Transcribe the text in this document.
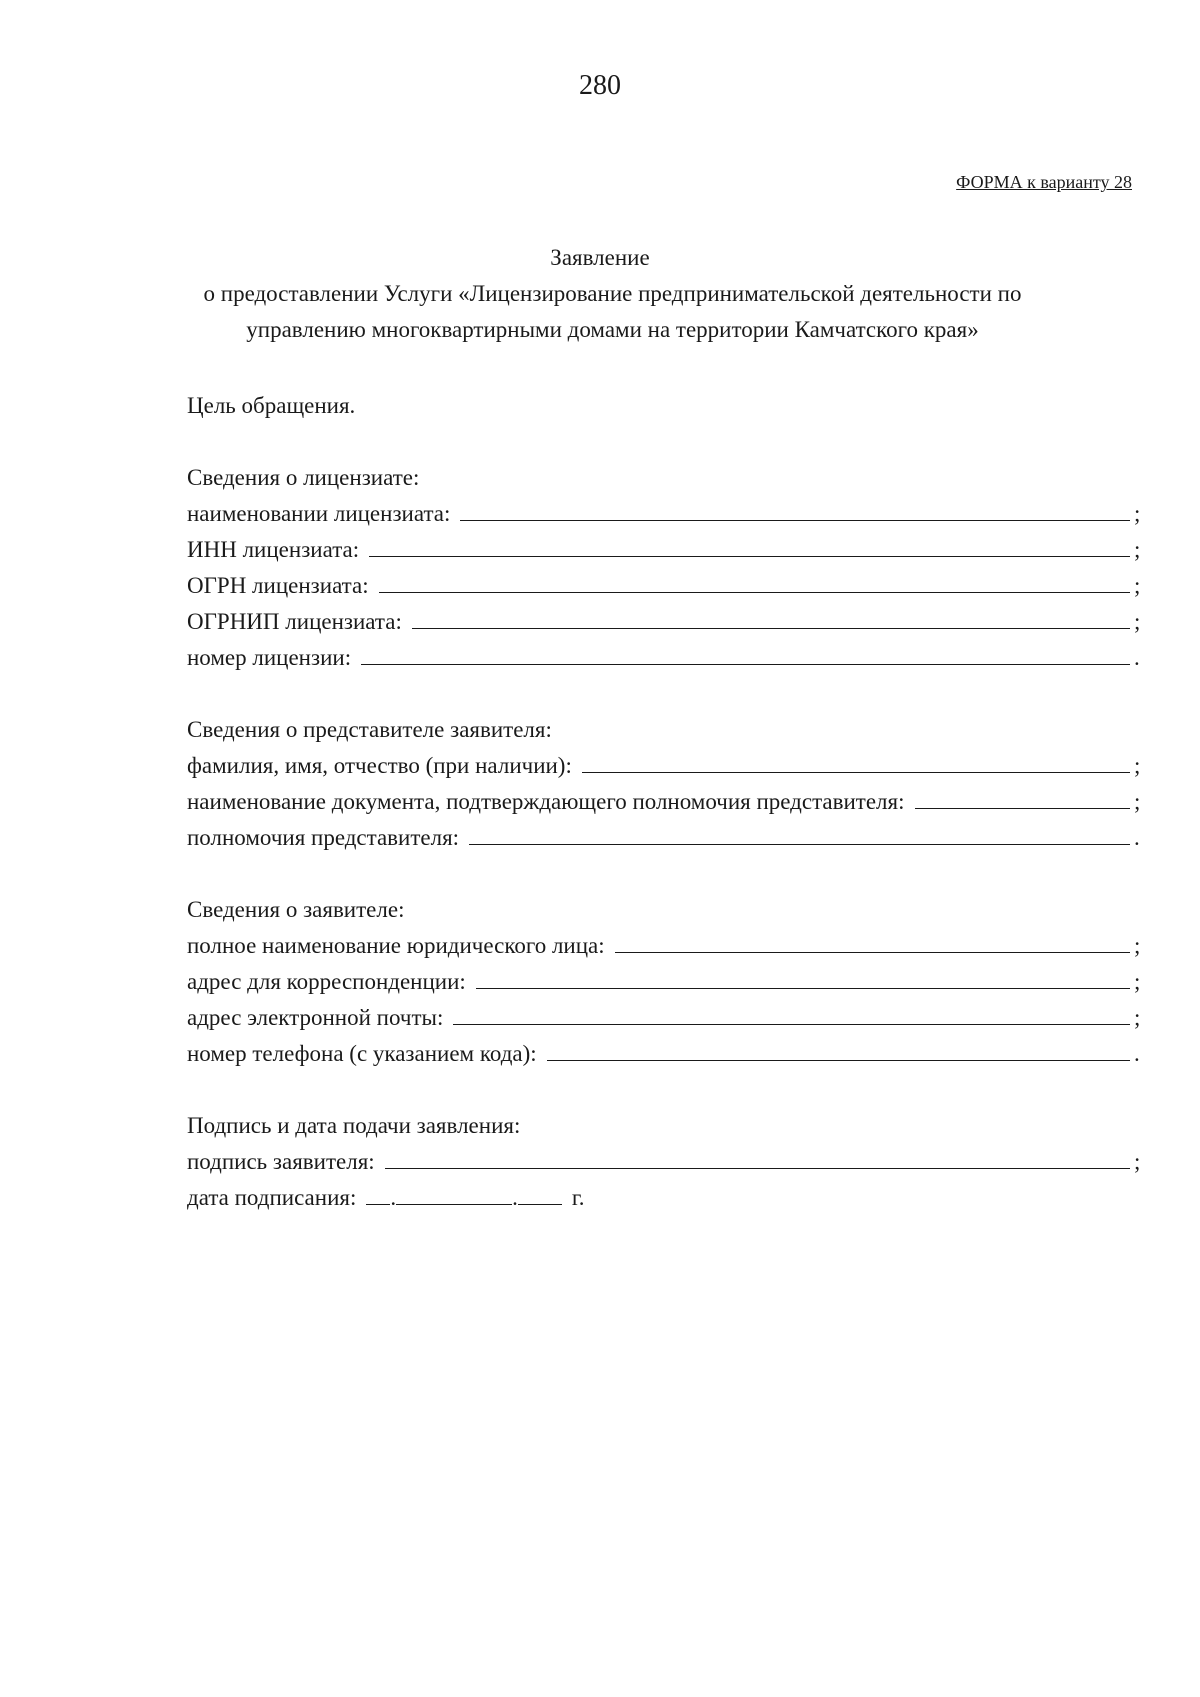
280
ФОРМА к варианту 28
Заявление
о предоставлении Услуги «Лицензирование предпринимательской деятельности по
управлению многоквартирными домами на территории Камчатского края»
Цель обращения.
Сведения о лицензиате:
наименовании лицензиата:	;
ИНН лицензиата:	;
ОГРН лицензиата:	;
ОГРНИП лицензиата:	;
номер лицензии:	.
Сведения о представителе заявителя:
фамилия, имя, отчество (при наличии):	;
наименование документа, подтверждающего полномочия представителя:	;
полномочия представителя:	.
Сведения о заявителе:
полное наименование юридического лица:	;
адрес для корреспонденции:	;
адрес электронной почты:	;
номер телефона (с указанием кода):	.
Подпись и дата подачи заявления:
подпись заявителя:	;
дата подписания: .	. г.
